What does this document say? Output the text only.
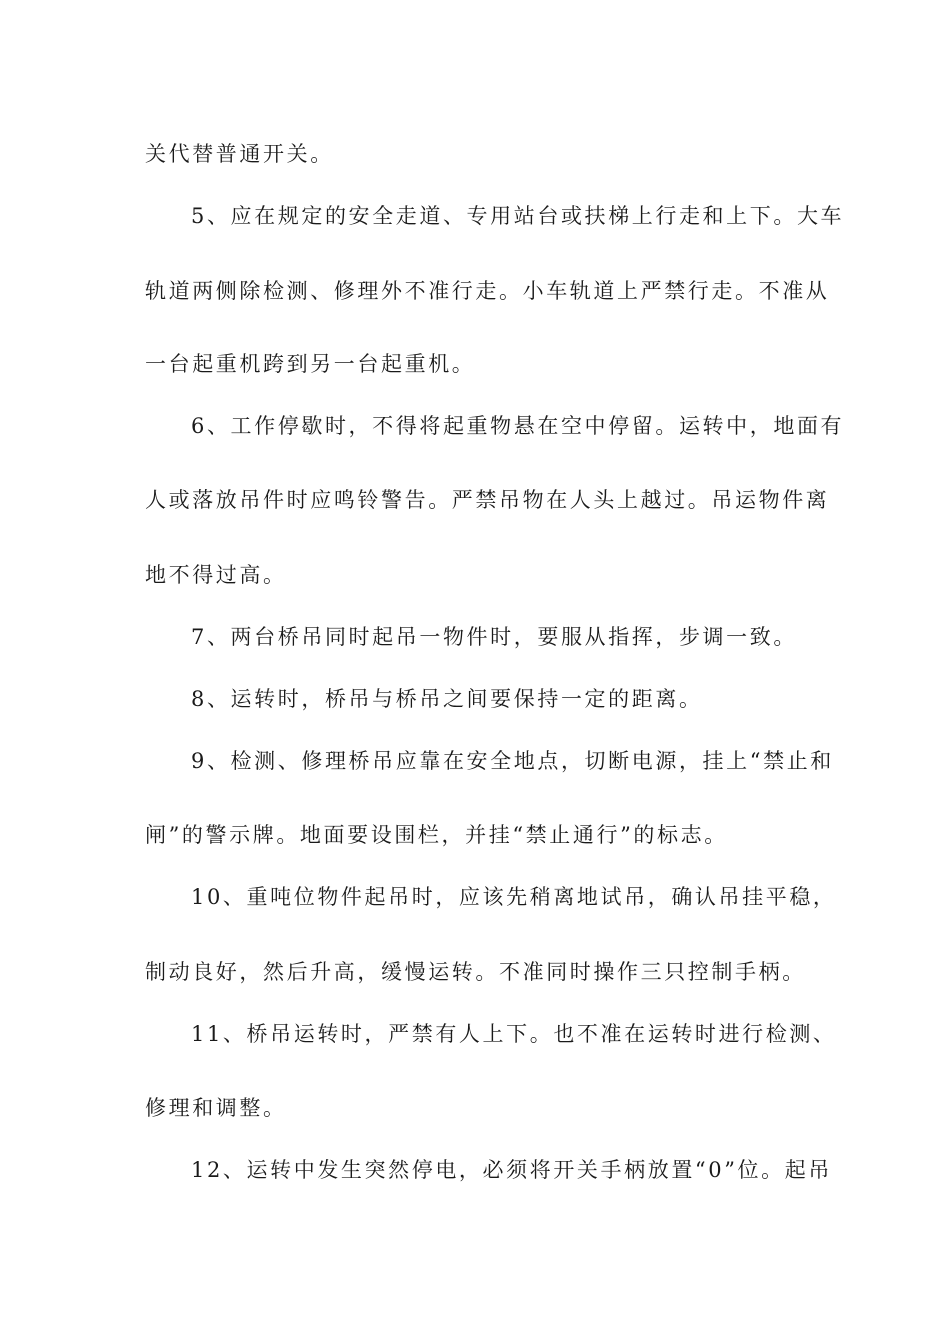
关代替普通开关。
5、应在规定的安全走道、专用站台或扶梯上行走和上下。大车
轨道两侧除检测、修理外不准行走。小车轨道上严禁行走。不准从
一台起重机跨到另一台起重机。
6、工作停歇时，不得将起重物悬在空中停留。运转中，地面有
人或落放吊件时应鸣铃警告。严禁吊物在人头上越过。吊运物件离
地不得过高。
7、两台桥吊同时起吊一物件时，要服从指挥，步调一致。
8、运转时，桥吊与桥吊之间要保持一定的距离。
9、检测、修理桥吊应靠在安全地点，切断电源，挂上“禁止和
闸”的警示牌。地面要设围栏，并挂“禁止通行”的标志。
10、重吨位物件起吊时，应该先稍离地试吊，确认吊挂平稳，
制动良好，然后升高，缓慢运转。不准同时操作三只控制手柄。
11、桥吊运转时，严禁有人上下。也不准在运转时进行检测、
修理和调整。
12、运转中发生突然停电，必须将开关手柄放置“0”位。起吊
